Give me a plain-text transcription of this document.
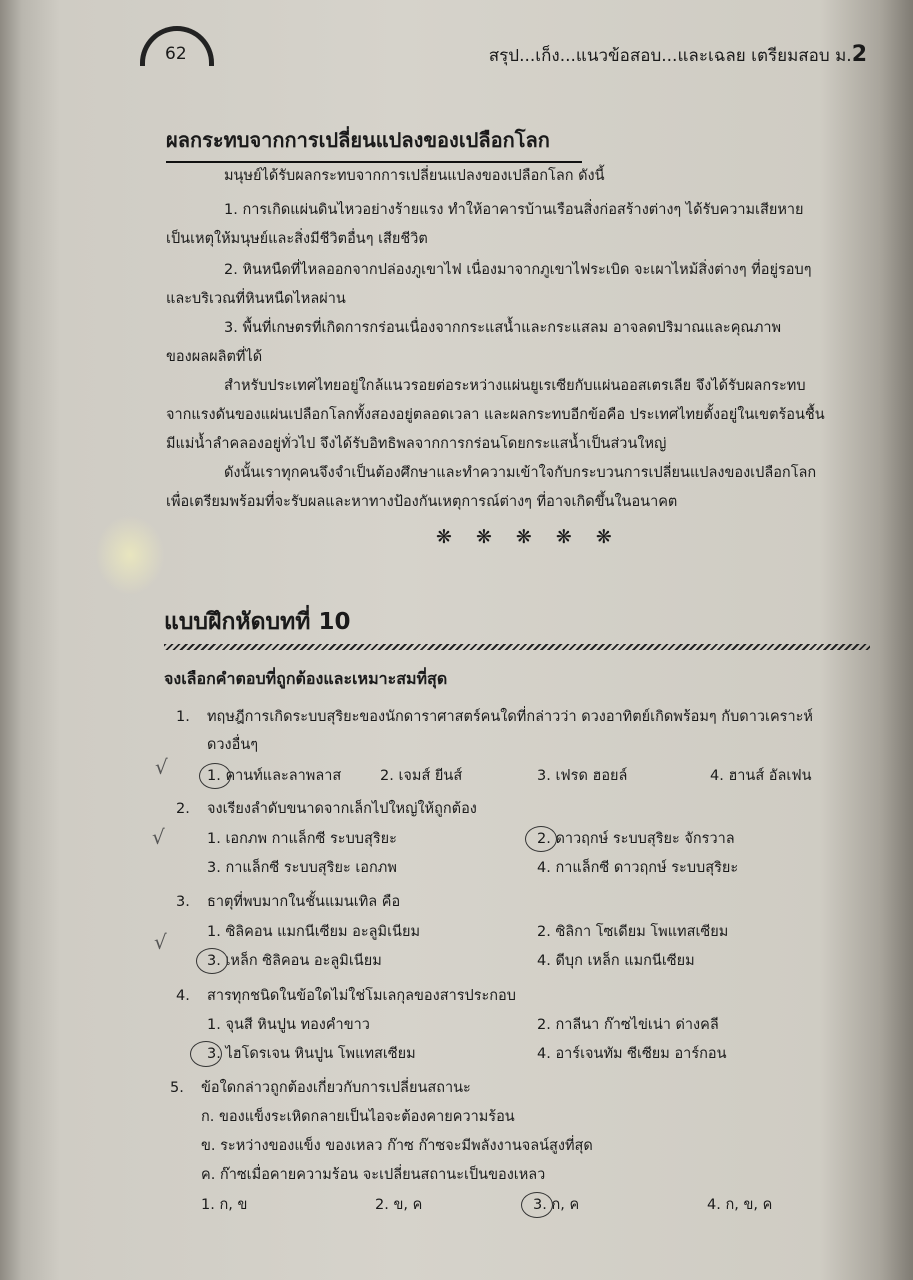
62	สรุป...เก็ง...แนวข้อสอบ...และเฉลย เตรียมสอบ ม.2
ผลกระทบจากการเปลี่ยนแปลงของเปลือกโลก
มนุษย์ได้รับผลกระทบจากการเปลี่ยนแปลงของเปลือกโลก ดังนี้
1. การเกิดแผ่นดินไหวอย่างร้ายแรง ทำให้อาคารบ้านเรือนสิ่งก่อสร้างต่างๆ ได้รับความเสียหาย
เป็นเหตุให้มนุษย์และสิ่งมีชีวิตอื่นๆ เสียชีวิต
2. หินหนืดที่ไหลออกจากปล่องภูเขาไฟ เนื่องมาจากภูเขาไฟระเบิด จะเผาไหม้สิ่งต่างๆ ที่อยู่รอบๆ
และบริเวณที่หินหนืดไหลผ่าน
3. พื้นที่เกษตรที่เกิดการกร่อนเนื่องจากกระแสน้ำและกระแสลม อาจลดปริมาณและคุณภาพ
ของผลผลิตที่ได้
สำหรับประเทศไทยอยู่ใกล้แนวรอยต่อระหว่างแผ่นยูเรเซียกับแผ่นออสเตรเลีย จึงได้รับผลกระทบ
จากแรงดันของแผ่นเปลือกโลกทั้งสองอยู่ตลอดเวลา และผลกระทบอีกข้อคือ ประเทศไทยตั้งอยู่ในเขตร้อนชื้น
มีแม่น้ำลำคลองอยู่ทั่วไป จึงได้รับอิทธิพลจากการกร่อนโดยกระแสน้ำเป็นส่วนใหญ่
ดังนั้นเราทุกคนจึงจำเป็นต้องศึกษาและทำความเข้าใจกับกระบวนการเปลี่ยนแปลงของเปลือกโลก
เพื่อเตรียมพร้อมที่จะรับผลและหาทางป้องกันเหตุการณ์ต่างๆ ที่อาจเกิดขึ้นในอนาคต
❋ ❋ ❋ ❋ ❋
แบบฝึกหัดบทที่ 10
จงเลือกคำตอบที่ถูกต้องและเหมาะสมที่สุด
1. ทฤษฎีการเกิดระบบสุริยะของนักดาราศาสตร์คนใดที่กล่าวว่า ดวงอาทิตย์เกิดพร้อมๆ กับดาวเคราะห์
ดวงอื่นๆ
1. คานท์และลาพลาส	2. เจมส์ ยีนส์	3. เฟรด ฮอยล์	4. ฮานส์ อัลเฟน
√
2. จงเรียงลำดับขนาดจากเล็กไปใหญ่ให้ถูกต้อง
1. เอกภพ กาแล็กซี ระบบสุริยะ	2. ดาวฤกษ์ ระบบสุริยะ จักรวาล
3. กาแล็กซี ระบบสุริยะ เอกภพ	4. กาแล็กซี ดาวฤกษ์ ระบบสุริยะ
√
3. ธาตุที่พบมากในชั้นแมนเทิล คือ
1. ซิลิคอน แมกนีเซียม อะลูมิเนียม	2. ซิลิกา โซเดียม โพแทสเซียม
3. เหล็ก ซิลิคอน อะลูมิเนียม	4. ดีบุก เหล็ก แมกนีเซียม
√
4. สารทุกชนิดในข้อใดไม่ใช่โมเลกุลของสารประกอบ
1. จุนสี หินปูน ทองคำขาว	2. กาลีนา ก๊าซไข่เน่า ด่างคลี
3. ไฮโดรเจน หินปูน โพแทสเซียม	4. อาร์เจนทัม ซีเซียม อาร์กอน
5. ข้อใดกล่าวถูกต้องเกี่ยวกับการเปลี่ยนสถานะ
ก. ของแข็งระเหิดกลายเป็นไอจะต้องคายความร้อน
ข. ระหว่างของแข็ง ของเหลว ก๊าซ ก๊าซจะมีพลังงานจลน์สูงที่สุด
ค. ก๊าซเมื่อคายความร้อน จะเปลี่ยนสถานะเป็นของเหลว
1. ก, ข	2. ข, ค	3. ก, ค	4. ก, ข, ค
